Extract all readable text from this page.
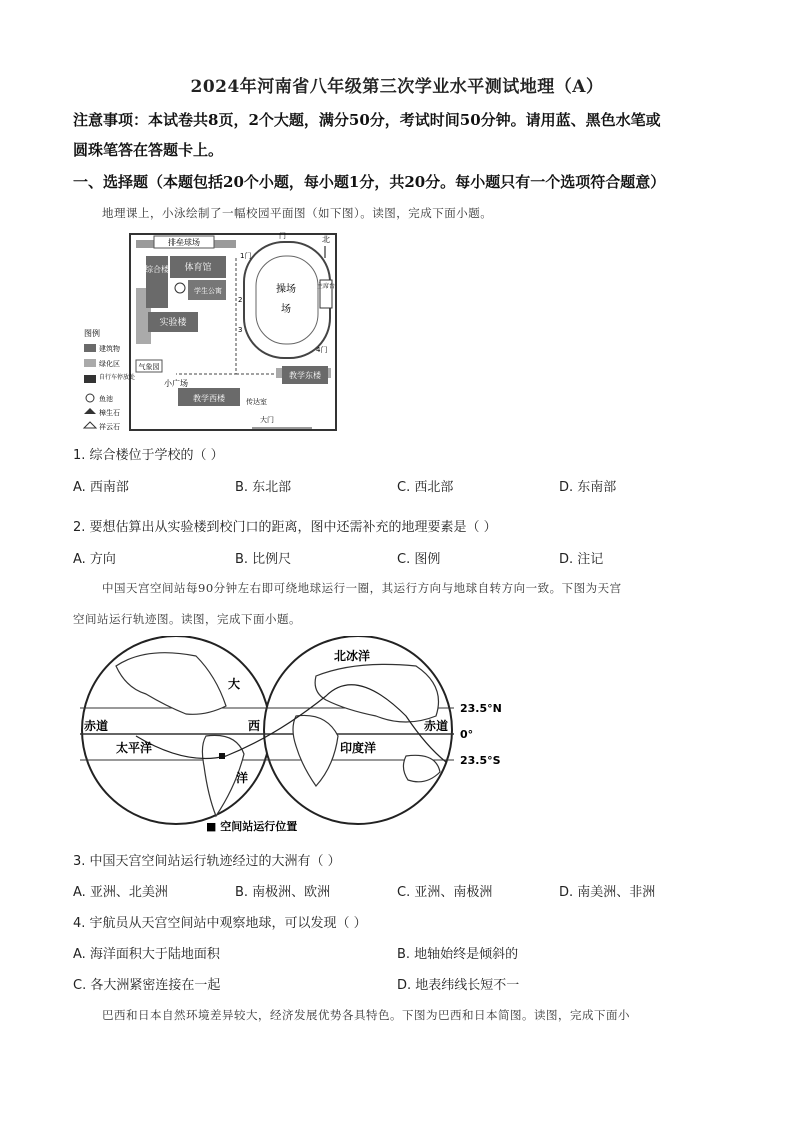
2024年河南省八年级第三次学业水平测试地理（A）
注意事项：本试卷共8页，2个大题，满分50分，考试时间50分钟。请用蓝、黑色水笔或
圆珠笔答在答题卡上。
一、选择题（本题包括20个小题，每小题1分，共20分。每小题只有一个选项符合题意）
地理课上，小泳绘制了一幅校园平面图（如下图）。读图，完成下面小题。
排垒球场
综合楼 体育馆
学生公寓
实验楼
操场
场
北
主席台
1门
2
3
4门
门
气象园
小广场
教学西楼
教学东楼
传达室
大门
图例
建筑物
绿化区
自行车停放处
鱼池
樟生石
祥云石
1. 综合楼位于学校的（ ）
A. 西南部	B. 东北部	C. 西北部	D. 东南部
2. 要想估算出从实验楼到校门口的距离，图中还需补充的地理要素是（ ）
A. 方向	B. 比例尺	C. 图例	D. 注记
中国天宫空间站每90分钟左右即可绕地球运行一圈，其运行方向与地球自转方向一致。下图为天宫
空间站运行轨迹图。读图，完成下面小题。
北冰洋
大
西
洋
太平洋	印度洋
赤道	赤道
23.5°N
0°
23.5°S
■ 空间站运行位置
3. 中国天宫空间站运行轨迹经过的大洲有（ ）
A. 亚洲、北美洲	B. 南极洲、欧洲	C. 亚洲、南极洲	D. 南美洲、非洲
4. 宇航员从天宫空间站中观察地球，可以发现（ ）
A. 海洋面积大于陆地面积	B. 地轴始终是倾斜的
C. 各大洲紧密连接在一起	D. 地表纬线长短不一
巴西和日本自然环境差异较大，经济发展优势各具特色。下图为巴西和日本简图。读图，完成下面小
